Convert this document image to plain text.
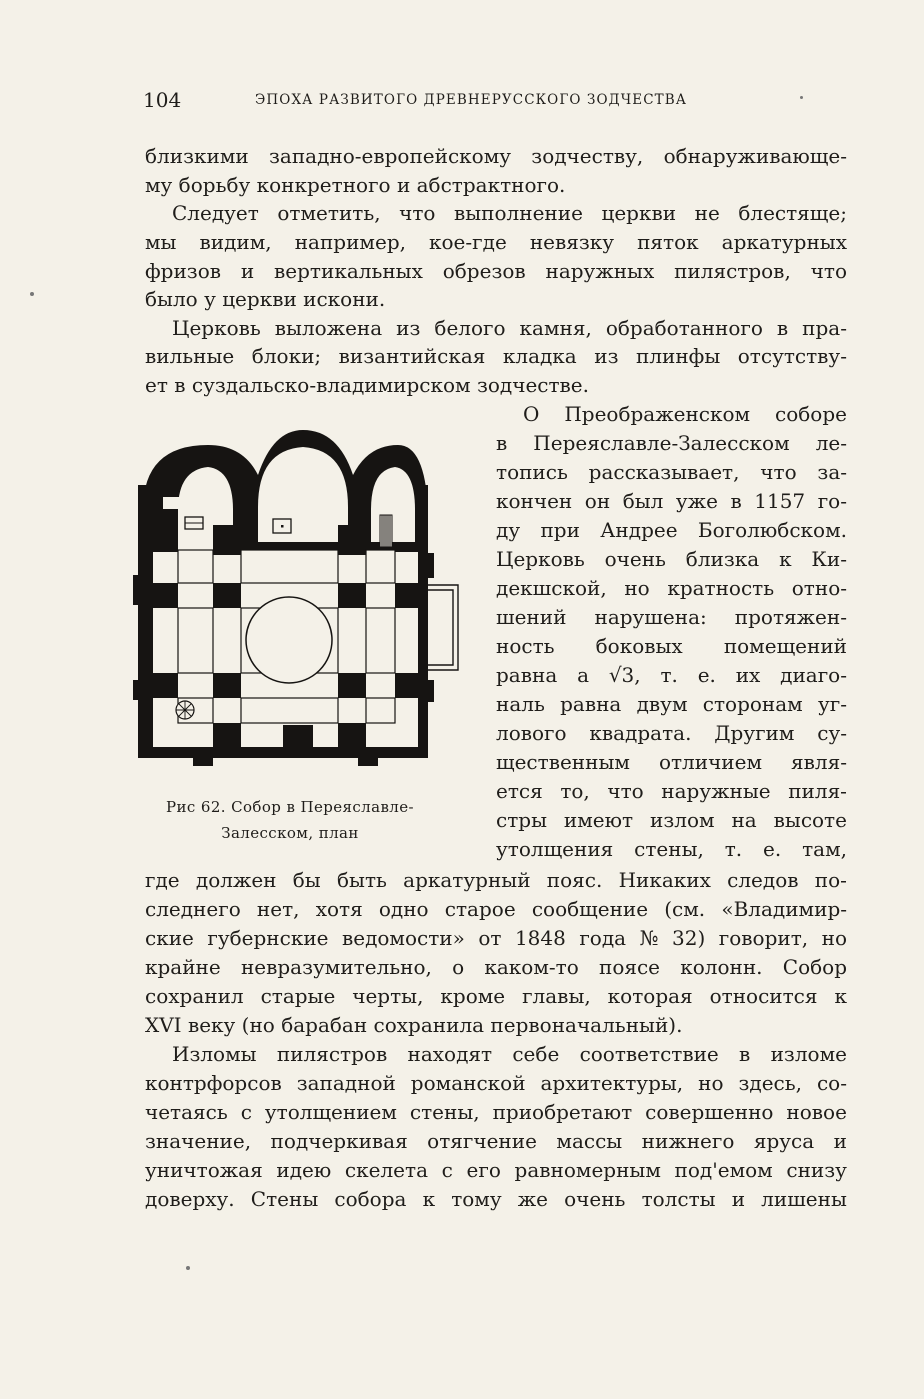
104	ЭПОХА РАЗВИТОГО ДРЕВНЕРУССКОГО ЗОДЧЕСТВА
близкими западно-европейскому зодчеству, обнаруживающе-
му борьбу конкретного и абстрактного.
Следует отметить, что выполнение церкви не блестяще;
мы видим, например, кое-где невязку пяток аркатурных
фризов и вертикальных обрезов наружных пилястров, что
было у церкви искони.
Церковь выложена из белого камня, обработанного в пра-
вильные блоки; византийская кладка из плинфы отсутству-
ет в суздальско-владимирском зодчестве.
О Преображенском соборе
в Переяславле-Залесском ле-
топись рассказывает, что за-
кончен он был уже в 1157 го-
ду при Андрее Боголюбском.
Церковь очень близка к Ки-
декшской, но кратность отно-
шений нарушена: протяжен-
ность боковых помещений
равна a √3, т. е. их диаго-
наль равна двум сторонам уг-
лового квадрата. Другим су-
щественным отличием явля-
ется то, что наружные пиля-
стры имеют излом на высоте
утолщения стены, т. е. там,
где должен бы быть аркатурный пояс. Никаких следов по-
следнего нет, хотя одно старое сообщение (см. «Владимир-
ские губернские ведомости» от 1848 года № 32) говорит, но
крайне невразумительно, о каком-то поясе колонн. Собор
сохранил старые черты, кроме главы, которая относится к
XVI веку (но барабан сохранила первоначальный).
Изломы пилястров находят себе соответствие в изломе
контрфорсов западной романской архитектуры, но здесь, со-
четаясь с утолщением стены, приобретают совершенно новое
значение, подчеркивая отягчение массы нижнего яруса и
уничтожая идею скелета с его равномерным под'емом снизу
доверху. Стены собора к тому же очень толсты и лишены
Рис 62. Собор в Переяславле-
Залесском, план
